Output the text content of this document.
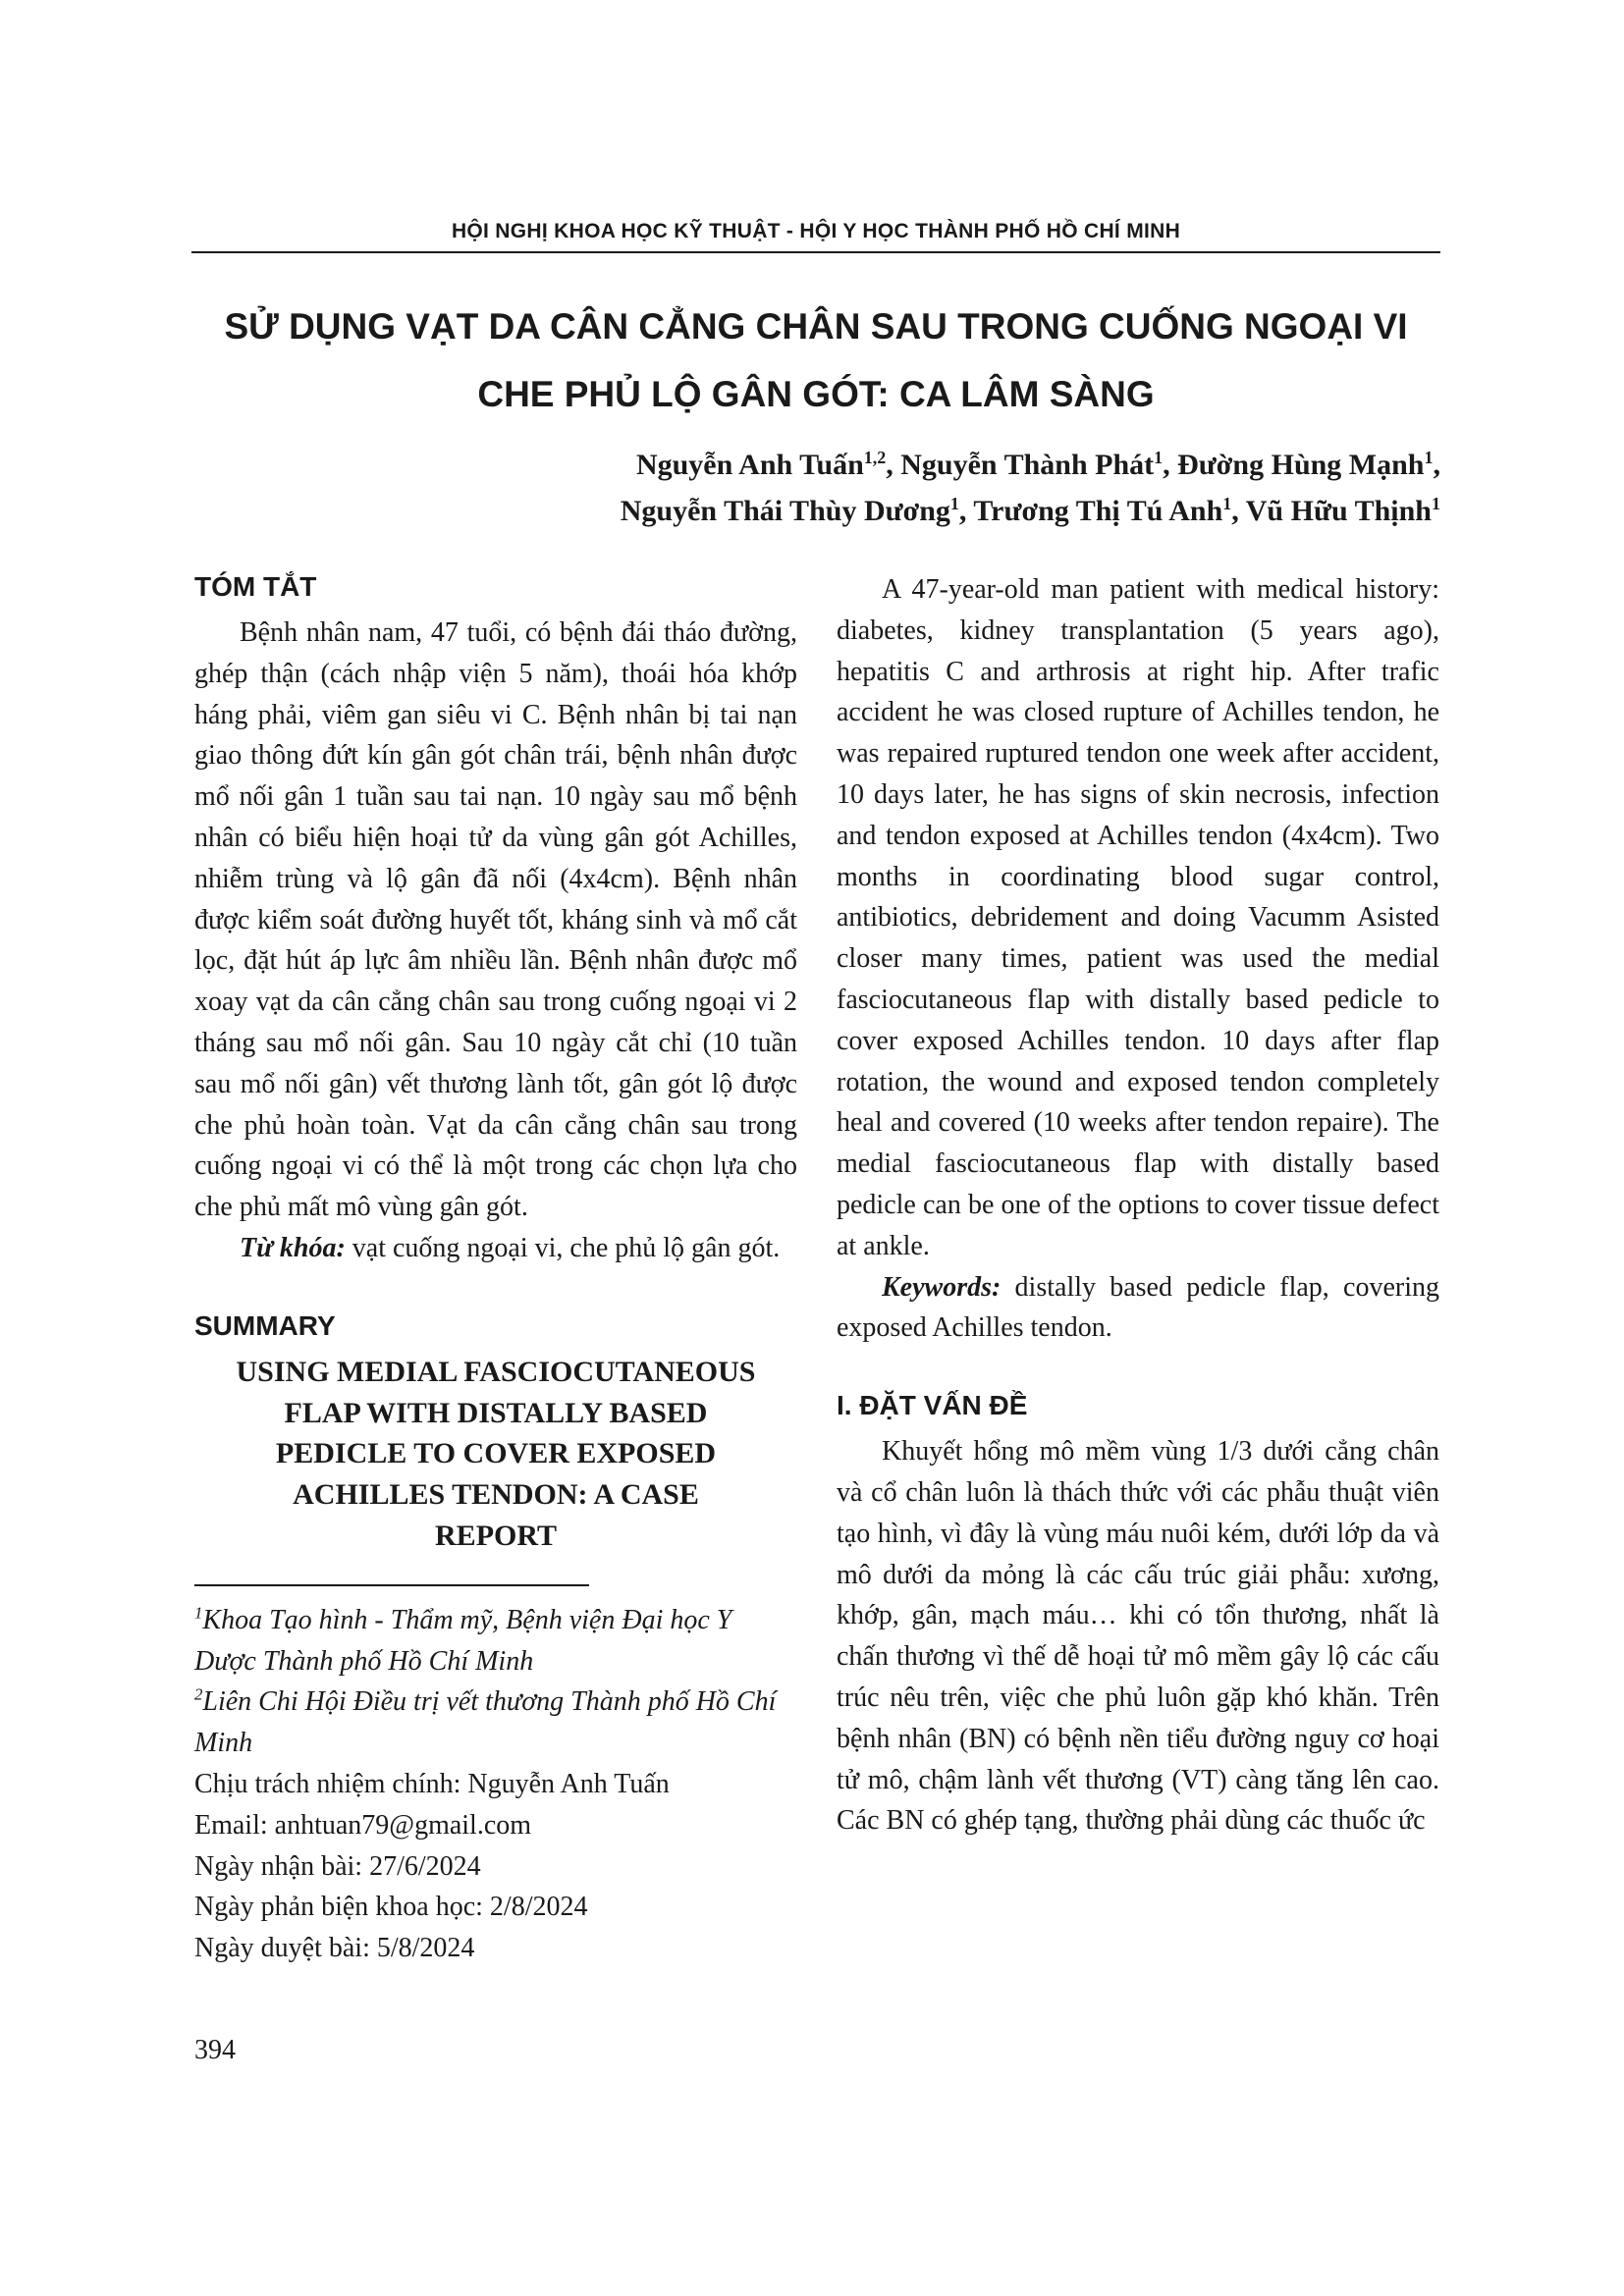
HỘI NGHỊ KHOA HỌC KỸ THUẬT - HỘI Y HỌC THÀNH PHỐ HỒ CHÍ MINH
SỬ DỤNG VẠT DA CÂN CẲNG CHÂN SAU TRONG CUỐNG NGOẠI VI
CHE PHỦ LỘ GÂN GÓT: CA LÂM SÀNG
Nguyễn Anh Tuấn$^{1,2}$, Nguyễn Thành Phát$^1$, Đường Hùng Mạnh$^1$,
Nguyễn Thái Thùy Dương$^1$, Trương Thị Tú Anh$^1$, Vũ Hữu Thịnh$^1$
TÓM TẮT

Bệnh nhân nam, 47 tuổi, có bệnh đái tháo đường, ghép thận (cách nhập viện 5 năm), thoái hóa khớp háng phải, viêm gan siêu vi C. Bệnh nhân bị tai nạn giao thông đứt kín gân gót chân trái, bệnh nhân được mổ nối gân 1 tuần sau tai nạn. 10 ngày sau mổ bệnh nhân có biểu hiện hoại tử da vùng gân gót Achilles, nhiễm trùng và lộ gân đã nối (4x4cm). Bệnh nhân được kiểm soát đường huyết tốt, kháng sinh và mổ cắt lọc, đặt hút áp lực âm nhiều lần. Bệnh nhân được mổ xoay vạt da cân cẳng chân sau trong cuống ngoại vi 2 tháng sau mổ nối gân. Sau 10 ngày cắt chỉ (10 tuần sau mổ nối gân) vết thương lành tốt, gân gót lộ được che phủ hoàn toàn. Vạt da cân cẳng chân sau trong cuống ngoại vi có thể là một trong các chọn lựa cho che phủ mất mô vùng gân gót.

Từ khóa: vạt cuống ngoại vi, che phủ lộ gân gót.

SUMMARY
USING MEDIAL FASCIOCUTANEOUS
FLAP WITH DISTALLY BASED
PEDICLE TO COVER EXPOSED
ACHILLES TENDON: A CASE
REPORT

$^1$Khoa Tạo hình - Thẩm mỹ, Bệnh viện Đại học Y Dược Thành phố Hồ Chí Minh

$^2$Liên Chi Hội Điều trị vết thương Thành phố Hồ Chí Minh

Chịu trách nhiệm chính: Nguyễn Anh Tuấn

Email: anhtuan79@gmail.com

Ngày nhận bài: 27/6/2024

Ngày phản biện khoa học: 2/8/2024

Ngày duyệt bài: 5/8/2024

A 47-year-old man patient with medical history: diabetes, kidney transplantation (5 years ago), hepatitis C and arthrosis at right hip. After trafic accident he was closed rupture of Achilles tendon, he was repaired ruptured tendon one week after accident, 10 days later, he has signs of skin necrosis, infection and tendon exposed at Achilles tendon (4x4cm). Two months in coordinating blood sugar control, antibiotics, debridement and doing Vacumm Asisted closer many times, patient was used the medial fasciocutaneous flap with distally based pedicle to cover exposed Achilles tendon. 10 days after flap rotation, the wound and exposed tendon completely heal and covered (10 weeks after tendon repaire). The medial fasciocutaneous flap with distally based pedicle can be one of the options to cover tissue defect at ankle.

Keywords: distally based pedicle flap, covering exposed Achilles tendon.

I. ĐẶT VẤN ĐỀ

Khuyết hổng mô mềm vùng 1/3 dưới cẳng chân và cổ chân luôn là thách thức với các phẫu thuật viên tạo hình, vì đây là vùng máu nuôi kém, dưới lớp da và mô dưới da mỏng là các cấu trúc giải phẫu: xương, khớp, gân, mạch máu… khi có tổn thương, nhất là chấn thương vì thế dễ hoại tử mô mềm gây lộ các cấu trúc nêu trên, việc che phủ luôn gặp khó khăn. Trên bệnh nhân (BN) có bệnh nền tiểu đường nguy cơ hoại tử mô, chậm lành vết thương (VT) càng tăng lên cao. Các BN có ghép tạng, thường phải dùng các thuốc ức

394
